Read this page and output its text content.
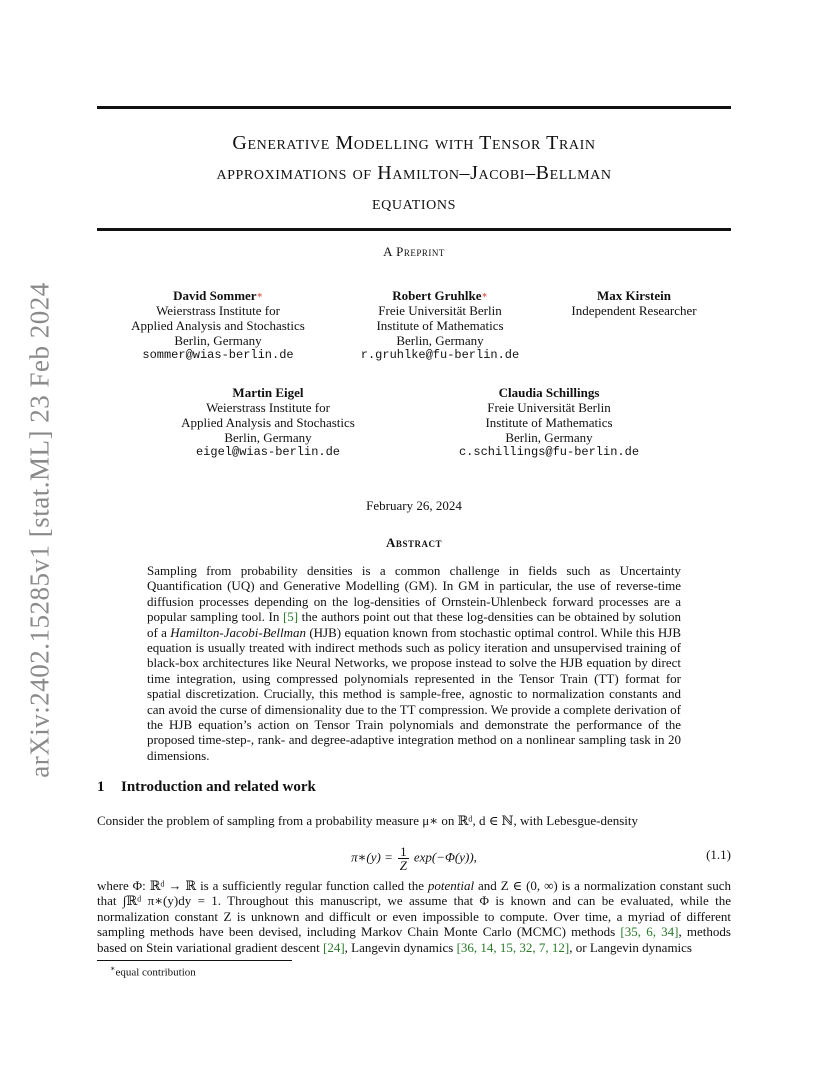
arXiv:2402.15285v1 [stat.ML] 23 Feb 2024
Generative Modelling with Tensor Train
approximations of Hamilton–Jacobi–Bellman
equations
A Preprint
David Sommer∗
Weierstrass Institute for
Applied Analysis and Stochastics
Berlin, Germany
sommer@wias-berlin.de
Robert Gruhlke∗
Freie Universität Berlin
Institute of Mathematics
Berlin, Germany
r.gruhlke@fu-berlin.de
Max Kirstein
Independent Researcher
Martin Eigel
Weierstrass Institute for
Applied Analysis and Stochastics
Berlin, Germany
eigel@wias-berlin.de
Claudia Schillings
Freie Universität Berlin
Institute of Mathematics
Berlin, Germany
c.schillings@fu-berlin.de
February 26, 2024
Abstract
Sampling from probability densities is a common challenge in fields such as Uncertainty Quantification (UQ) and Generative Modelling (GM). In GM in particular, the use of reverse-time diffusion processes depending on the log-densities of Ornstein-Uhlenbeck forward processes are a popular sampling tool. In [5] the authors point out that these log-densities can be obtained by solution of a Hamilton-Jacobi-Bellman (HJB) equation known from stochastic optimal control. While this HJB equation is usually treated with indirect methods such as policy iteration and unsupervised training of black-box architectures like Neural Networks, we propose instead to solve the HJB equation by direct time integration, using compressed polynomials represented in the Tensor Train (TT) format for spatial discretization. Crucially, this method is sample-free, agnostic to normalization constants and can avoid the curse of dimensionality due to the TT compression. We provide a complete derivation of the HJB equation’s action on Tensor Train polynomials and demonstrate the performance of the proposed time-step-, rank- and degree-adaptive integration method on a nonlinear sampling task in 20 dimensions.
1 Introduction and related work
Consider the problem of sampling from a probability measure μ∗ on ℝᵈ, d ∈ ℕ, with Lebesgue-density
π∗(y) = $\frac{1}{Z} \exp(-\Phi(y))$,	(1.1)
where Φ: ℝᵈ → ℝ is a sufficiently regular function called the potential and Z ∈ (0, ∞) is a normalization constant such that ∫ℝᵈ π∗(y)dy = 1. Throughout this manuscript, we assume that Φ is known and can be evaluated, while the normalization constant Z is unknown and difficult or even impossible to compute. Over time, a myriad of different sampling methods have been devised, including Markov Chain Monte Carlo (MCMC) methods [35, 6, 34], methods based on Stein variational gradient descent [24], Langevin dynamics [36, 14, 15, 32, 7, 12], or Langevin dynamics
∗equal contribution
